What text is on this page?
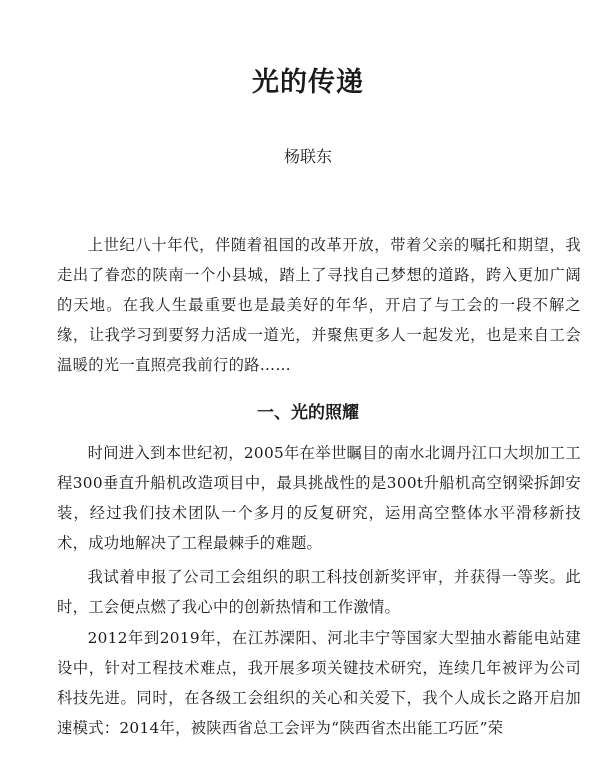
光的传递

杨联东

上世纪八十年代，伴随着祖国的改革开放，带着父亲的嘱托和期望，我走出了眷恋的陕南一个小县城，踏上了寻找自己梦想的道路，跨入更加广阔的天地。在我人生最重要也是最美好的年华，开启了与工会的一段不解之缘，让我学习到要努力活成一道光，并聚焦更多人一起发光，也是来自工会温暖的光一直照亮我前行的路……

一、光的照耀

时间进入到本世纪初，2005年在举世瞩目的南水北调丹江口大坝加工工程300垂直升船机改造项目中，最具挑战性的是300t升船机高空钢梁拆卸安装，经过我们技术团队一个多月的反复研究，运用高空整体水平滑移新技术，成功地解决了工程最棘手的难题。

我试着申报了公司工会组织的职工科技创新奖评审，并获得一等奖。此时，工会便点燃了我心中的创新热情和工作激情。

2012年到2019年，在江苏溧阳、河北丰宁等国家大型抽水蓄能电站建设中，针对工程技术难点，我开展多项关键技术研究，连续几年被评为公司科技先进。同时，在各级工会组织的关心和关爱下，我个人成长之路开启加速模式：2014年，被陕西省总工会评为“陕西省杰出能工巧匠”荣
